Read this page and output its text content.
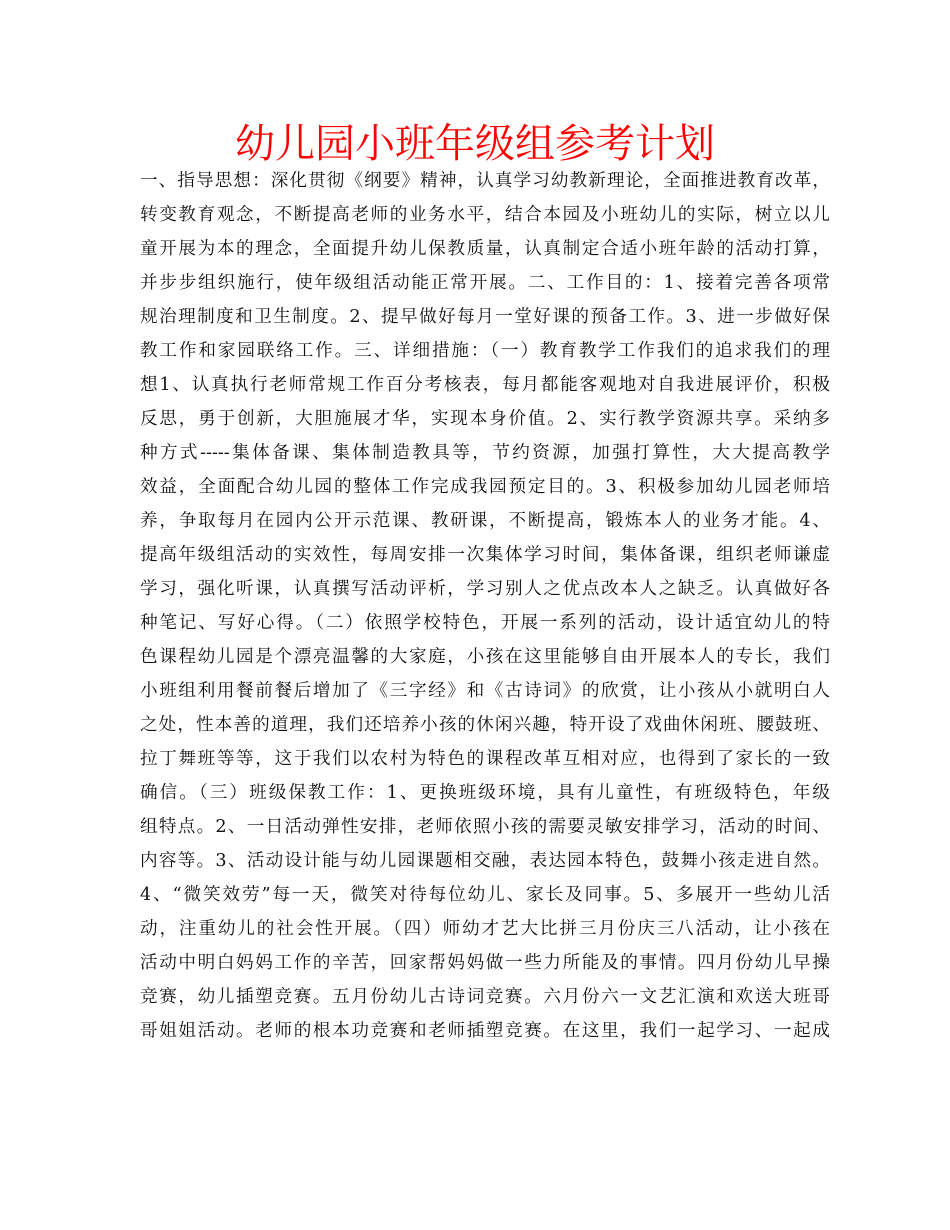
幼儿园小班年级组参考计划
一、指导思想：深化贯彻《纲要》精神，认真学习幼教新理论，全面推进教育改革，
转变教育观念，不断提高老师的业务水平，结合本园及小班幼儿的实际，树立以儿
童开展为本的理念，全面提升幼儿保教质量，认真制定合适小班年龄的活动打算，
并步步组织施行，使年级组活动能正常开展。二、工作目的：1、接着完善各项常
规治理制度和卫生制度。2、提早做好每月一堂好课的预备工作。3、进一步做好保
教工作和家园联络工作。三、详细措施：（一）教育教学工作我们的追求我们的理
想1、认真执行老师常规工作百分考核表，每月都能客观地对自我进展评价，积极
反思，勇于创新，大胆施展才华，实现本身价值。2、实行教学资源共享。采纳多
种方式-----集体备课、集体制造教具等，节约资源，加强打算性，大大提高教学
效益，全面配合幼儿园的整体工作完成我园预定目的。3、积极参加幼儿园老师培
养，争取每月在园内公开示范课、教研课，不断提高，锻炼本人的业务才能。4、
提高年级组活动的实效性，每周安排一次集体学习时间，集体备课，组织老师谦虚
学习，强化听课，认真撰写活动评析，学习别人之优点改本人之缺乏。认真做好各
种笔记、写好心得。（二）依照学校特色，开展一系列的活动，设计适宜幼儿的特
色课程幼儿园是个漂亮温馨的大家庭，小孩在这里能够自由开展本人的专长，我们
小班组利用餐前餐后增加了《三字经》和《古诗词》的欣赏，让小孩从小就明白人
之处，性本善的道理，我们还培养小孩的休闲兴趣，特开设了戏曲休闲班、腰鼓班、
拉丁舞班等等，这于我们以农村为特色的课程改革互相对应，也得到了家长的一致
确信。（三）班级保教工作：1、更换班级环境，具有儿童性，有班级特色，年级
组特点。2、一日活动弹性安排，老师依照小孩的需要灵敏安排学习，活动的时间、
内容等。3、活动设计能与幼儿园课题相交融，表达园本特色，鼓舞小孩走进自然。
4、“微笑效劳”每一天，微笑对待每位幼儿、家长及同事。5、多展开一些幼儿活
动，注重幼儿的社会性开展。（四）师幼才艺大比拼三月份庆三八活动，让小孩在
活动中明白妈妈工作的辛苦，回家帮妈妈做一些力所能及的事情。四月份幼儿早操
竞赛，幼儿插塑竞赛。五月份幼儿古诗词竞赛。六月份六一文艺汇演和欢送大班哥
哥姐姐活动。老师的根本功竞赛和老师插塑竞赛。在这里，我们一起学习、一起成
